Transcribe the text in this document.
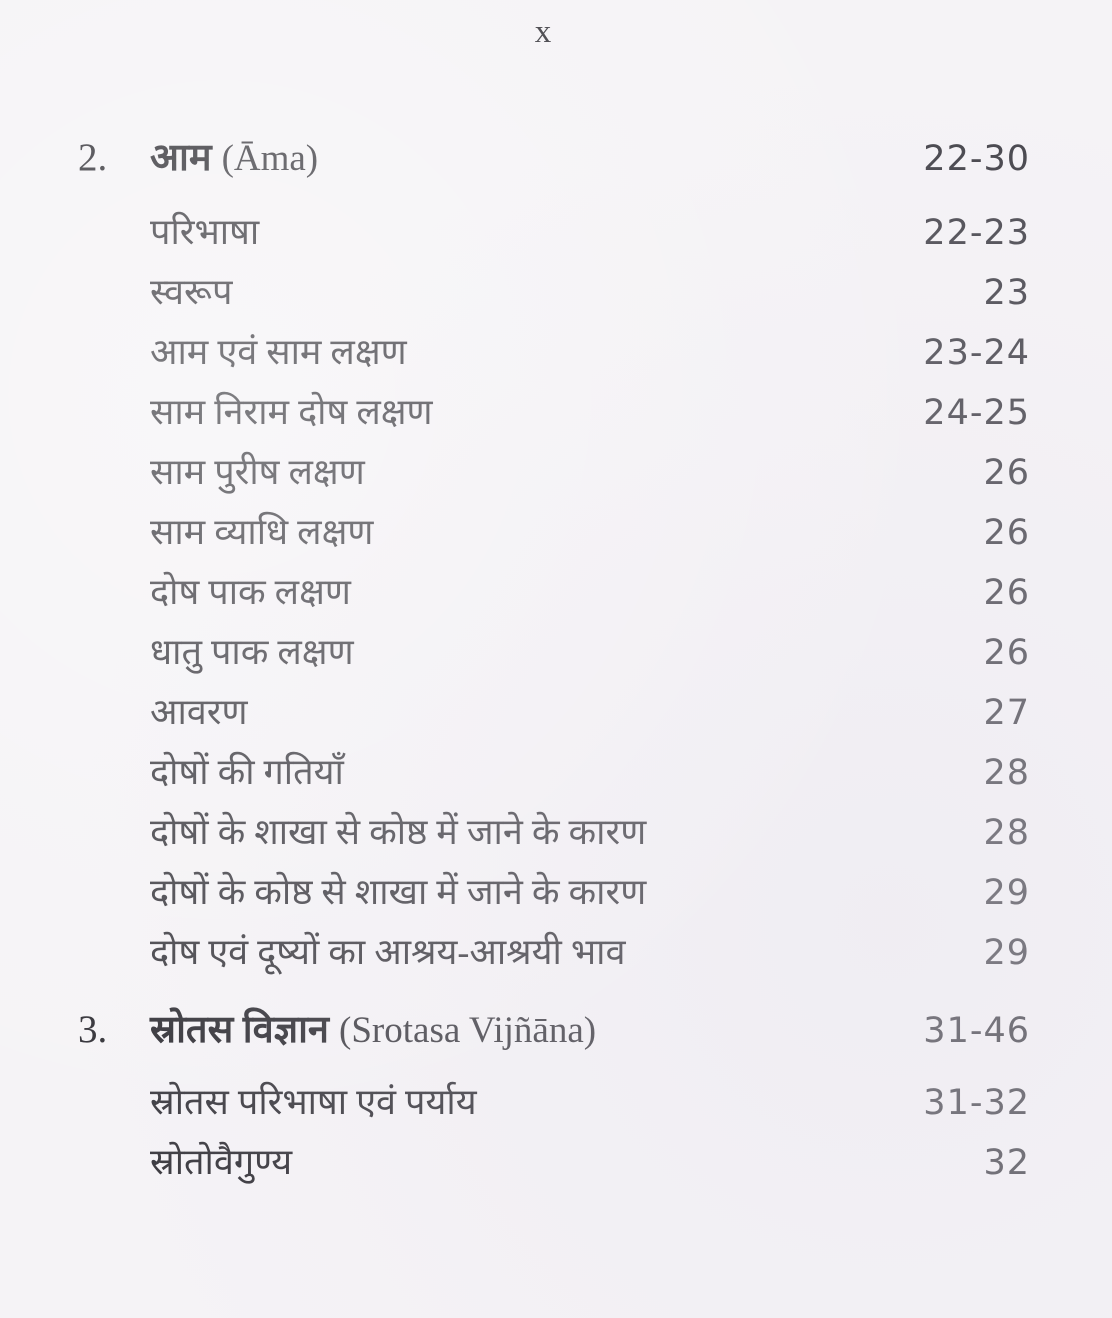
x
2.	आम (Āma)	22-30
परिभाषा	22-23
स्वरूप	23
आम एवं साम लक्षण	23-24
साम निराम दोष लक्षण	24-25
साम पुरीष लक्षण	26
साम व्याधि लक्षण	26
दोष पाक लक्षण	26
धातु पाक लक्षण	26
आवरण	27
दोषों की गतियाँ	28
दोषों के शाखा से कोष्ठ में जाने के कारण	28
दोषों के कोष्ठ से शाखा में जाने के कारण	29
दोष एवं दूष्यों का आश्रय-आश्रयी भाव	29
3.	स्रोतस विज्ञान (Srotasa Vijñāna)	31-46
स्रोतस परिभाषा एवं पर्याय	31-32
स्रोतोवैगुण्य	32
